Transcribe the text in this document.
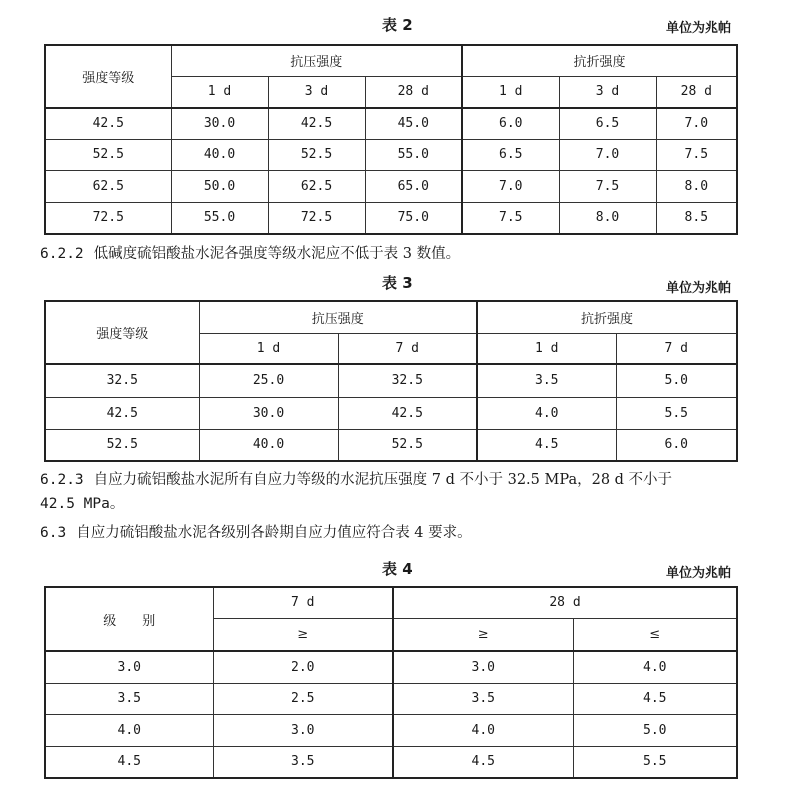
表 2	单位为兆帕
强度等级	抗压强度			抗折强度		
	1 d	3 d	28 d	1 d	3 d	28 d
42.5	30.0	42.5	45.0	6.0	6.5	7.0
52.5	40.0	52.5	55.0	6.5	7.0	7.5
62.5	50.0	62.5	65.0	7.0	7.5	8.0
72.5	55.0	72.5	75.0	7.5	8.0	8.5
6.2.2 低碱度硫铝酸盐水泥各强度等级水泥应不低于表 3 数值。
表 3	单位为兆帕
强度等级	抗压强度		抗折强度	
	1 d	7 d	1 d	7 d
32.5	25.0	32.5	3.5	5.0
42.5	30.0	42.5	4.0	5.5
52.5	40.0	52.5	4.5	6.0
6.2.3 自应力硫铝酸盐水泥所有自应力等级的水泥抗压强度 7 d 不小于 32.5 MPa，28 d 不小于
42.5 MPa。
6.3 自应力硫铝酸盐水泥各级别各龄期自应力值应符合表 4 要求。
表 4	单位为兆帕
级　　别	7 d	28 d	
	≥	≥	≤
3.0	2.0	3.0	4.0
3.5	2.5	3.5	4.5
4.0	3.0	4.0	5.0
4.5	3.5	4.5	5.5
